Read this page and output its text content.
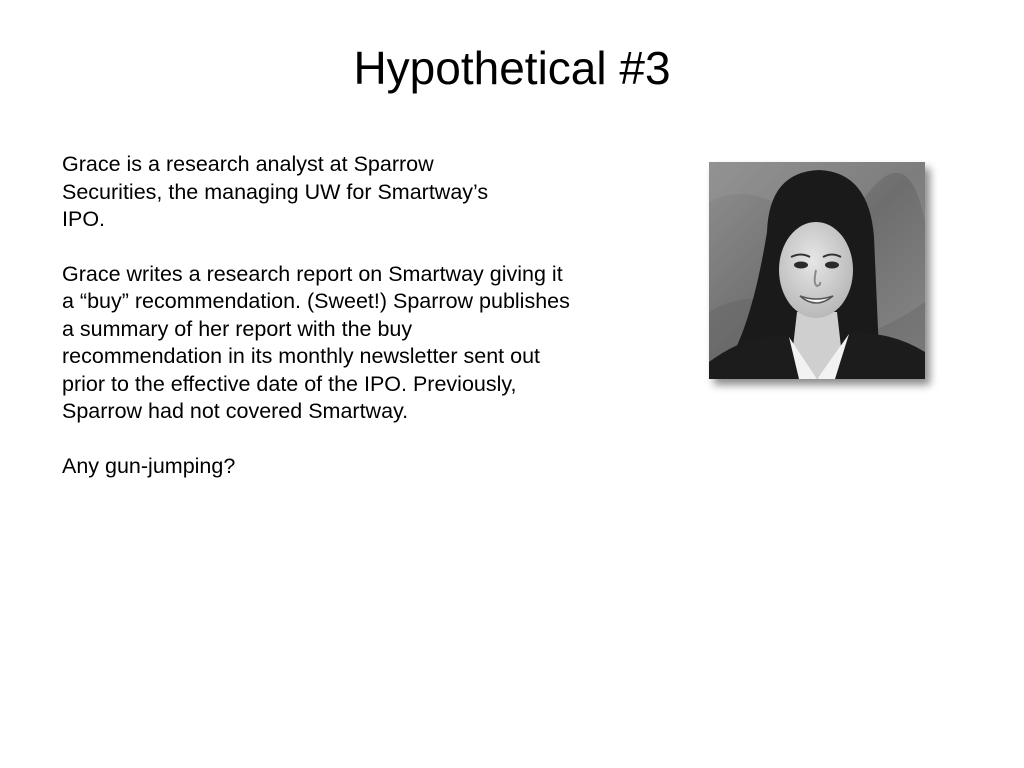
Hypothetical #3

Grace is a research analyst at Sparrow Securities, the managing UW for Smartway’s IPO.

Grace writes a research report on Smartway giving it a “buy” recommendation. (Sweet!) Sparrow publishes a summary of her report with the buy recommendation in its monthly newsletter sent out prior to the effective date of the IPO. Previously, Sparrow had not covered Smartway.

Any gun-jumping?
